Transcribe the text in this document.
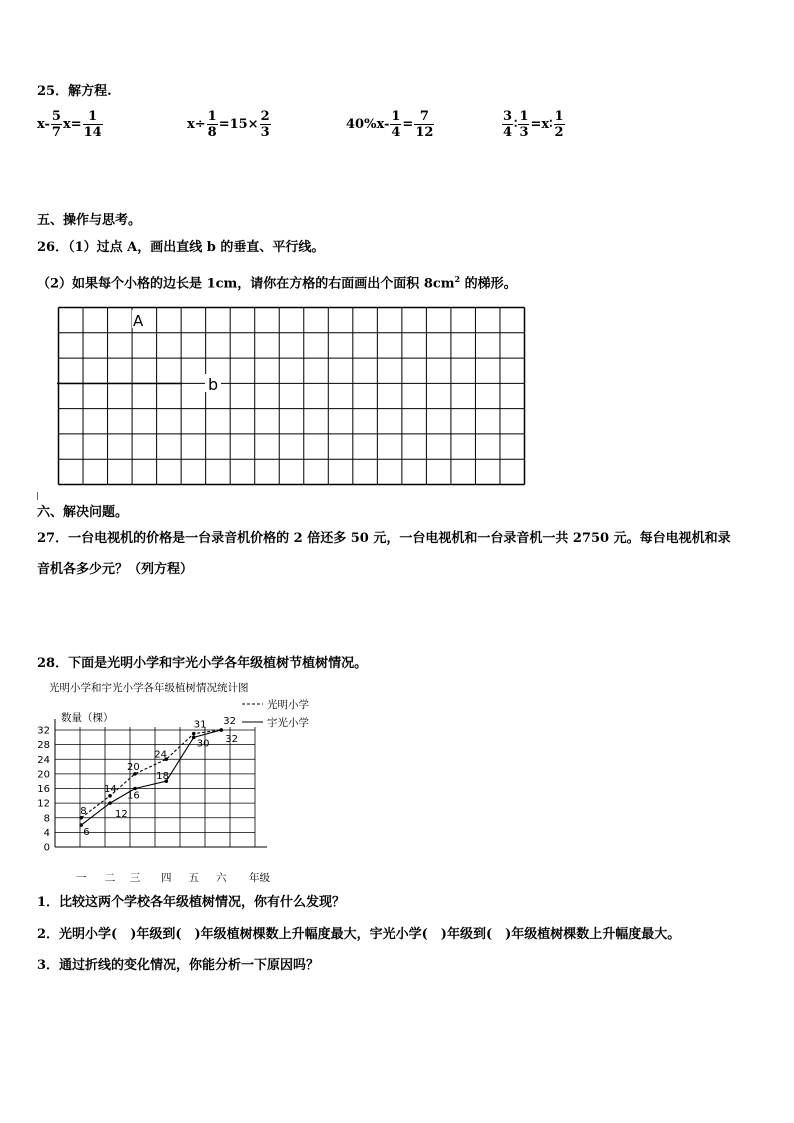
25．解方程.
$x- \frac{5}{7} x= \frac{1}{14}$	$x\div \frac{1}{8} =15\times \frac{2}{3}$	$40\%x- \frac{1}{4} = \frac{7}{12}$	$\frac{3}{4}$ ∶ $\frac{1}{3}$ =x∶ $\frac{1}{2}$
五、操作与思考。
26．（1）过点 A，画出直线 b 的垂直、平行线。
（2）如果每个小格的边长是 1cm，请你在方格的右面画出个面积 $8cm^2$ 的梯形。
b
A
六、解决问题。
27．一台电视机的价格是一台录音机价格的 2 倍还多 50 元，一台电视机和一台录音机一共 2750 元。每台电视机和录
音机各多少元？（列方程）
28．下面是光明小学和宇光小学各年级植树节植树情况。
光明小学和宇光小学各年级植树情况统计图
数量（棵）
0
4
8
12
16
20
24
28
32
一 二 三 四 五 六
8
14
20
24
31 32
6
12
16
18
30 32
光明小学
宇光小学
年级
1．比较这两个学校各年级植树情况，你有什么发现？
2．光明小学(　)年级到(　)年级植树棵数上升幅度最大，宇光小学(　)年级到(　)年级植树棵数上升幅度最大。
3．通过折线的变化情况，你能分析一下原因吗？
